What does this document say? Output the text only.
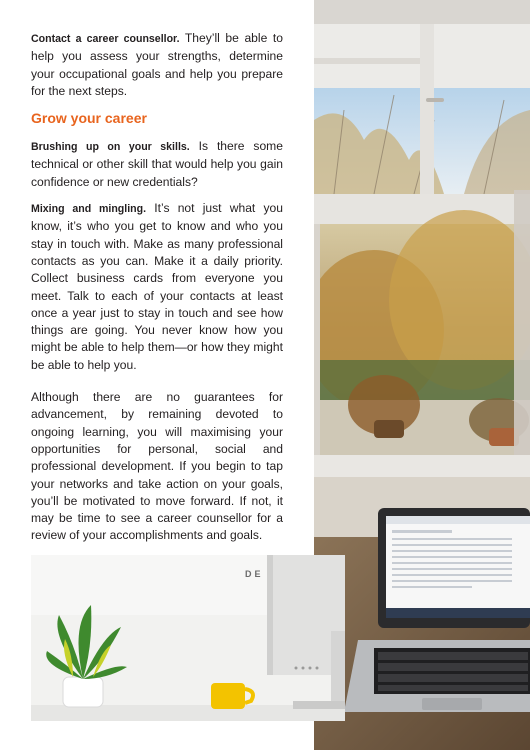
Contact a career counsellor. They’ll be able to help you assess your strengths, determine your occupational goals and help you prepare for the next steps.

Grow your career

Brushing up on your skills. Is there some technical or other skill that would help you gain confidence or new credentials?

Mixing and mingling. It’s not just what you know, it’s who you get to know and who you stay in touch with. Make as many professional contacts as you can. Make it a daily priority. Collect business cards from everyone you meet. Talk to each of your contacts at least once a year just to stay in touch and see how things are going. You never know how you might be able to help them—or how they might be able to help you.

Although there are no guarantees for advancement, by remaining devoted to ongoing learning, you will maximising your opportunities for personal, social and professional development. If you begin to tap your networks and take action on your goals, you’ll be motivated to move forward. If not, it may be time to see a career counsellor for a review of your accomplishments and goals.

DE
